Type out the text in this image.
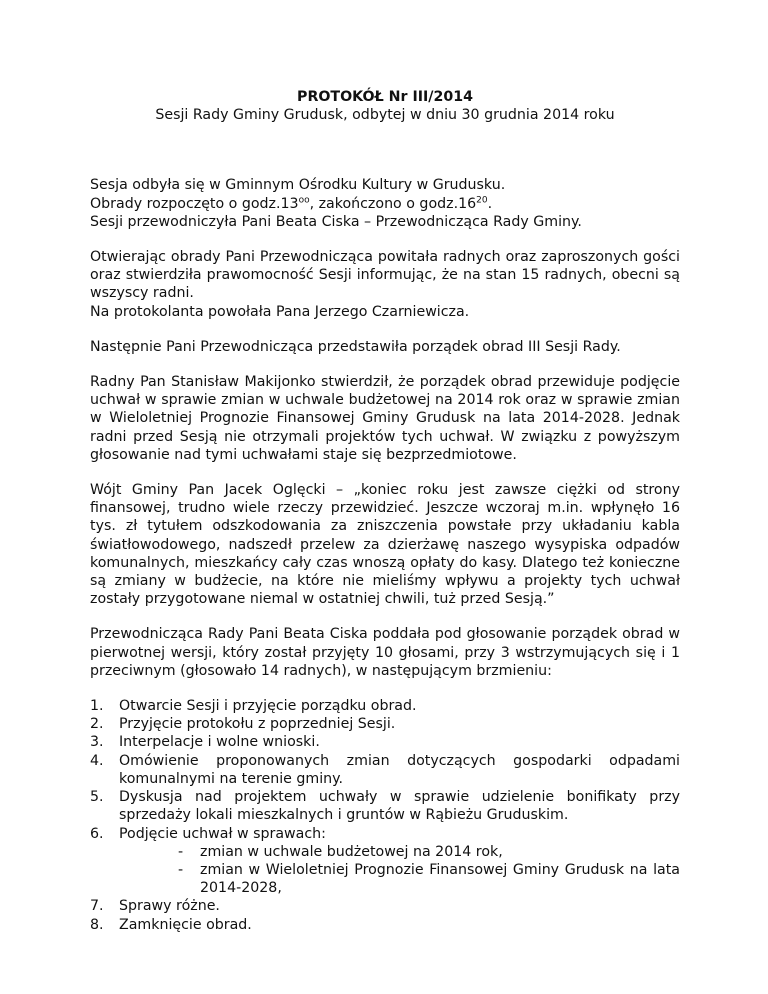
PROTOKÓŁ Nr III/2014
Sesji Rady Gminy Grudusk, odbytej w dniu 30 grudnia 2014 roku

Sesja odbyła się w Gminnym Ośrodku Kultury w Grudusku.
Obrady rozpoczęto o $godz.13^{oo}$, zakończono o $godz.16^{20}$.
Sesji przewodniczyła Pani Beata Ciska – Przewodnicząca Rady Gminy.

Otwierając obrady Pani Przewodnicząca powitała radnych oraz zaproszonych gości oraz stwierdziła prawomocność Sesji informując, że na stan 15 radnych, obecni są wszyscy radni.
Na protokolanta powołała Pana Jerzego Czarniewicza.

Następnie Pani Przewodnicząca przedstawiła porządek obrad III Sesji Rady.

Radny Pan Stanisław Makijonko stwierdził, że porządek obrad przewiduje podjęcie uchwał w sprawie zmian w uchwale budżetowej na 2014 rok oraz w sprawie zmian w Wieloletniej Prognozie Finansowej Gminy Grudusk na lata 2014-2028. Jednak radni przed Sesją nie otrzymali projektów tych uchwał. W związku z powyższym głosowanie nad tymi uchwałami staje się bezprzedmiotowe.

Wójt Gminy Pan Jacek Oglęcki – „koniec roku jest zawsze ciężki od strony finansowej, trudno wiele rzeczy przewidzieć. Jeszcze wczoraj m.in. wpłynęło 16 tys. zł tytułem odszkodowania za zniszczenia powstałe przy układaniu kabla światłowodowego, nadszedł przelew za dzierżawę naszego wysypiska odpadów komunalnych, mieszkańcy cały czas wnoszą opłaty do kasy. Dlatego też konieczne są zmiany w budżecie, na które nie mieliśmy wpływu a projekty tych uchwał zostały przygotowane niemal w ostatniej chwili, tuż przed Sesją.”

Przewodnicząca Rady Pani Beata Ciska poddała pod głosowanie porządek obrad w pierwotnej wersji, który został przyjęty 10 głosami, przy 3 wstrzymujących się i 1 przeciwnym (głosowało 14 radnych), w następującym brzmieniu:

1. Otwarcie Sesji i przyjęcie porządku obrad.
2. Przyjęcie protokołu z poprzedniej Sesji.
3. Interpelacje i wolne wnioski.
4. Omówienie proponowanych zmian dotyczących gospodarki odpadami komunalnymi na terenie gminy.
5. Dyskusja nad projektem uchwały w sprawie udzielenie bonifikaty przy sprzedaży lokali mieszkalnych i gruntów w Rąbieżu Gruduskim.
6. Podjęcie uchwał w sprawach:
- zmian w uchwale budżetowej na 2014 rok,
- zmian w Wieloletniej Prognozie Finansowej Gminy Grudusk na lata 2014-2028,
7. Sprawy różne.
8. Zamknięcie obrad.
